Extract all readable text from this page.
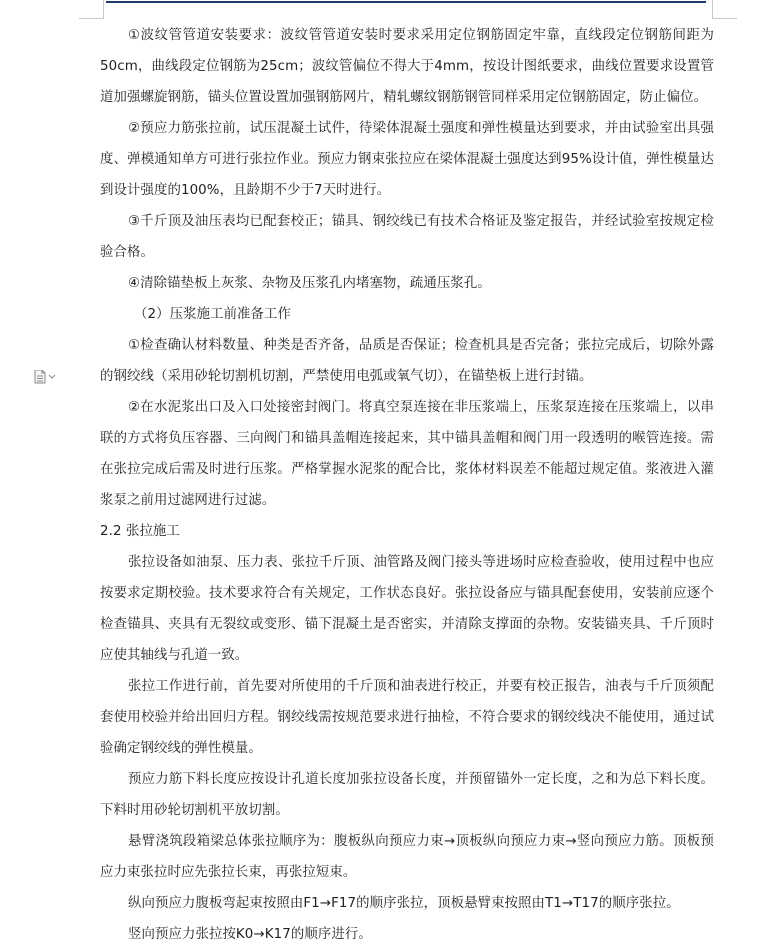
①波纹管管道安装要求：波纹管管道安装时要求采用定位钢筋固定牢靠，直线段定位钢筋间距为50cm，曲线段定位钢筋为25cm；波纹管偏位不得大于4mm，按设计图纸要求，曲线位置要求设置管道加强螺旋钢筋，锚头位置设置加强钢筋网片，精轧螺纹钢筋钢管同样采用定位钢筋固定，防止偏位。

②预应力筋张拉前，试压混凝土试件，待梁体混凝土强度和弹性模量达到要求，并由试验室出具强度、弹模通知单方可进行张拉作业。预应力钢束张拉应在梁体混凝土强度达到95%设计值，弹性模量达到设计强度的100%，且龄期不少于7天时进行。

③千斤顶及油压表均已配套校正；锚具、钢绞线已有技术合格证及鉴定报告，并经试验室按规定检验合格。

④清除锚垫板上灰浆、杂物及压浆孔内堵塞物，疏通压浆孔。

（2）压浆施工前准备工作

①检查确认材料数量、种类是否齐备，品质是否保证；检查机具是否完备；张拉完成后，切除外露的钢绞线（采用砂轮切割机切割，严禁使用电弧或氧气切），在锚垫板上进行封锚。

②在水泥浆出口及入口处接密封阀门。将真空泵连接在非压浆端上，压浆泵连接在压浆端上，以串联的方式将负压容器、三向阀门和锚具盖帽连接起来，其中锚具盖帽和阀门用一段透明的喉管连接。需在张拉完成后需及时进行压浆。严格掌握水泥浆的配合比，浆体材料误差不能超过规定值。浆液进入灌浆泵之前用过滤网进行过滤。

2.2 张拉施工

张拉设备如油泵、压力表、张拉千斤顶、油管路及阀门接头等进场时应检查验收，使用过程中也应按要求定期校验。技术要求符合有关规定，工作状态良好。张拉设备应与锚具配套使用，安装前应逐个检查锚具、夹具有无裂纹或变形、锚下混凝土是否密实，并清除支撑面的杂物。安装锚夹具、千斤顶时应使其轴线与孔道一致。

张拉工作进行前，首先要对所使用的千斤顶和油表进行校正，并要有校正报告，油表与千斤顶须配套使用校验并给出回归方程。钢绞线需按规范要求进行抽检，不符合要求的钢绞线决不能使用，通过试验确定钢绞线的弹性模量。

预应力筋下料长度应按设计孔道长度加张拉设备长度，并预留锚外一定长度，之和为总下料长度。下料时用砂轮切割机平放切割。

悬臂浇筑段箱梁总体张拉顺序为：腹板纵向预应力束→顶板纵向预应力束→竖向预应力筋。顶板预应力束张拉时应先张拉长束，再张拉短束。

纵向预应力腹板弯起束按照由F1→F17的顺序张拉，顶板悬臂束按照由T1→T17的顺序张拉。

竖向预应力张拉按K0→K17的顺序进行。
